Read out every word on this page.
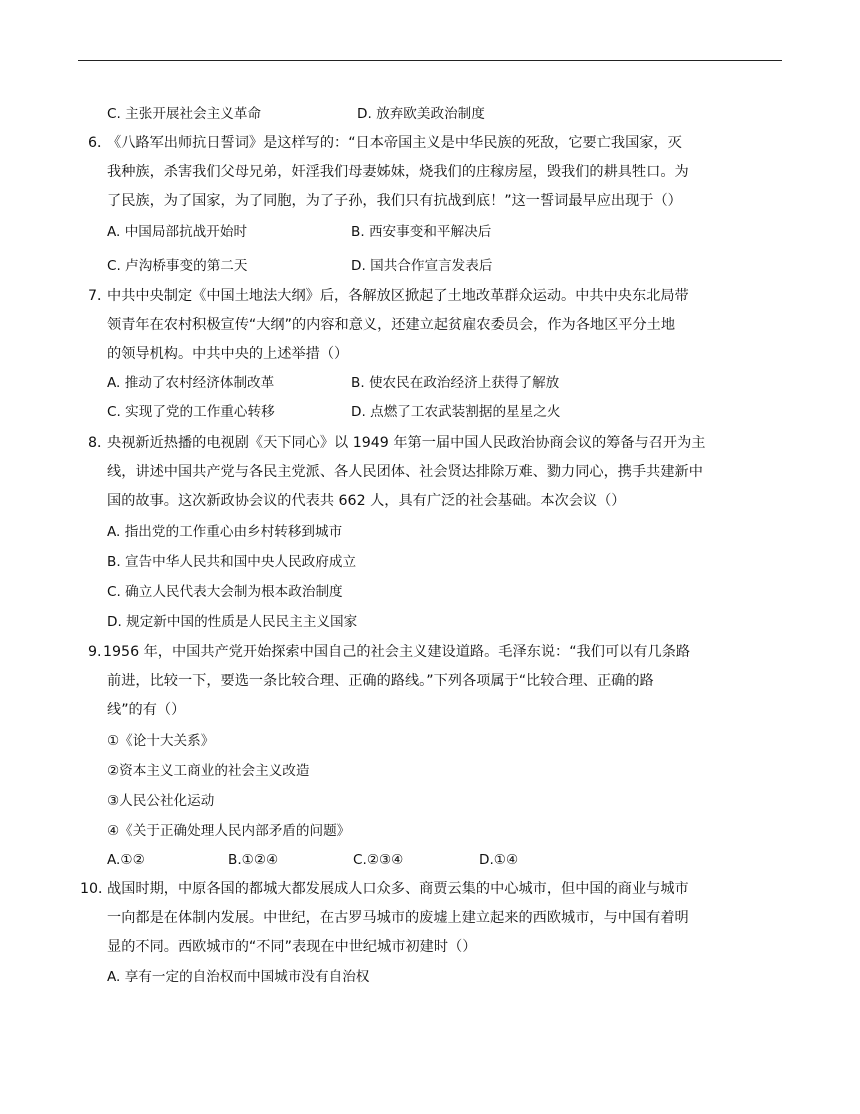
C. 主张开展社会主义革命	D. 放弃欧美政治制度
6．
《八路军出师抗日誓词》是这样写的：“日本帝国主义是中华民族的死敌，它要亡我国家，灭
我种族，杀害我们父母兄弟，奸淫我们母妻姊妹，烧我们的庄稼房屋，毁我们的耕具牲口。为
了民族，为了国家，为了同胞，为了子孙，我们只有抗战到底！”这一誓词最早应出现于（）
A. 中国局部抗战开始时	B. 西安事变和平解决后
C. 卢沟桥事变的第二天	D. 国共合作宣言发表后
7．
中共中央制定《中国土地法大纲》后，各解放区掀起了土地改革群众运动。中共中央东北局带
领青年在农村积极宣传“大纲”的内容和意义，还建立起贫雇农委员会，作为各地区平分土地
的领导机构。中共中央的上述举措（）
A. 推动了农村经济体制改革	B. 使农民在政治经济上获得了解放
C. 实现了党的工作重心转移	D. 点燃了工农武装割据的星星之火
8．
央视新近热播的电视剧《天下同心》以 1949 年第一届中国人民政治协商会议的筹备与召开为主
线，讲述中国共产党与各民主党派、各人民团体、社会贤达排除万难、勠力同心，携手共建新中
国的故事。这次新政协会议的代表共 662 人，具有广泛的社会基础。本次会议（）
A. 指出党的工作重心由乡村转移到城市
B. 宣告中华人民共和国中央人民政府成立
C. 确立人民代表大会制为根本政治制度
D. 规定新中国的性质是人民民主主义国家
9. 1956 年，中国共产党开始探索中国自己的社会主义建设道路。毛泽东说：“我们可以有几条路
前进，比较一下，要选一条比较合理、正确的路线。”下列各项属于“比较合理、正确的路
线”的有（）
①《论十大关系》
②资本主义工商业的社会主义改造
③人民公社化运动
④《关于正确处理人民内部矛盾的问题》
A.①②	B.①②④	C.②③④	D.①④
10．
战国时期，中原各国的都城大都发展成人口众多、商贾云集的中心城市，但中国的商业与城市
一向都是在体制内发展。中世纪，在古罗马城市的废墟上建立起来的西欧城市，与中国有着明
显的不同。西欧城市的“不同”表现在中世纪城市初建时（）
A. 享有一定的自治权而中国城市没有自治权
